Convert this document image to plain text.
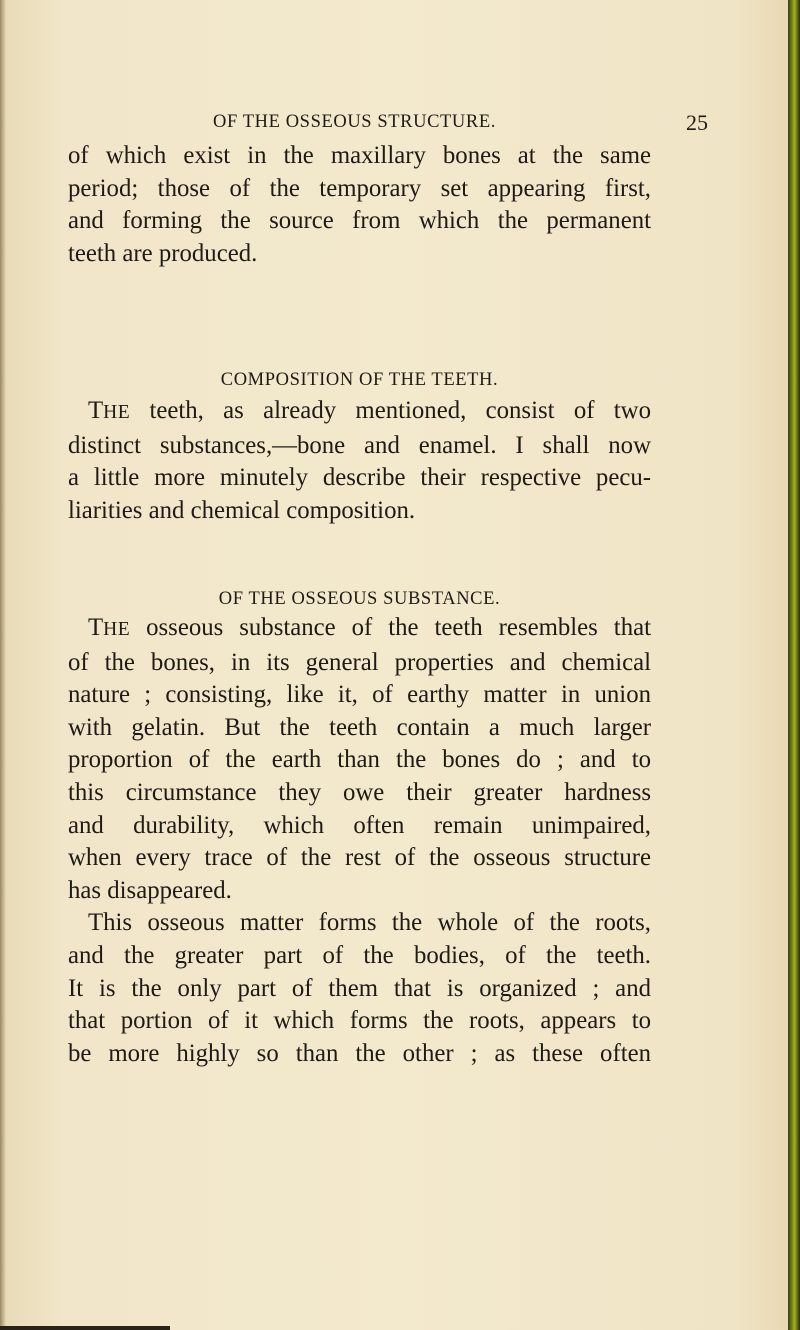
OF THE OSSEOUS STRUCTURE.	25
of which exist in the maxillary bones at the same
period; those of the temporary set appearing first,
and forming the source from which the permanent
teeth are produced.
COMPOSITION OF THE TEETH.
THE teeth, as already mentioned, consist of two
distinct substances,—bone and enamel. I shall now
a little more minutely describe their respective pecu-
liarities and chemical composition.
OF THE OSSEOUS SUBSTANCE.
THE osseous substance of the teeth resembles that
of the bones, in its general properties and chemical
nature ; consisting, like it, of earthy matter in union
with gelatin. But the teeth contain a much larger
proportion of the earth than the bones do ; and to
this circumstance they owe their greater hardness
and durability, which often remain unimpaired,
when every trace of the rest of the osseous structure
has disappeared.
This osseous matter forms the whole of the roots,
and the greater part of the bodies, of the teeth.
It is the only part of them that is organized ; and
that portion of it which forms the roots, appears to
be more highly so than the other ; as these often
